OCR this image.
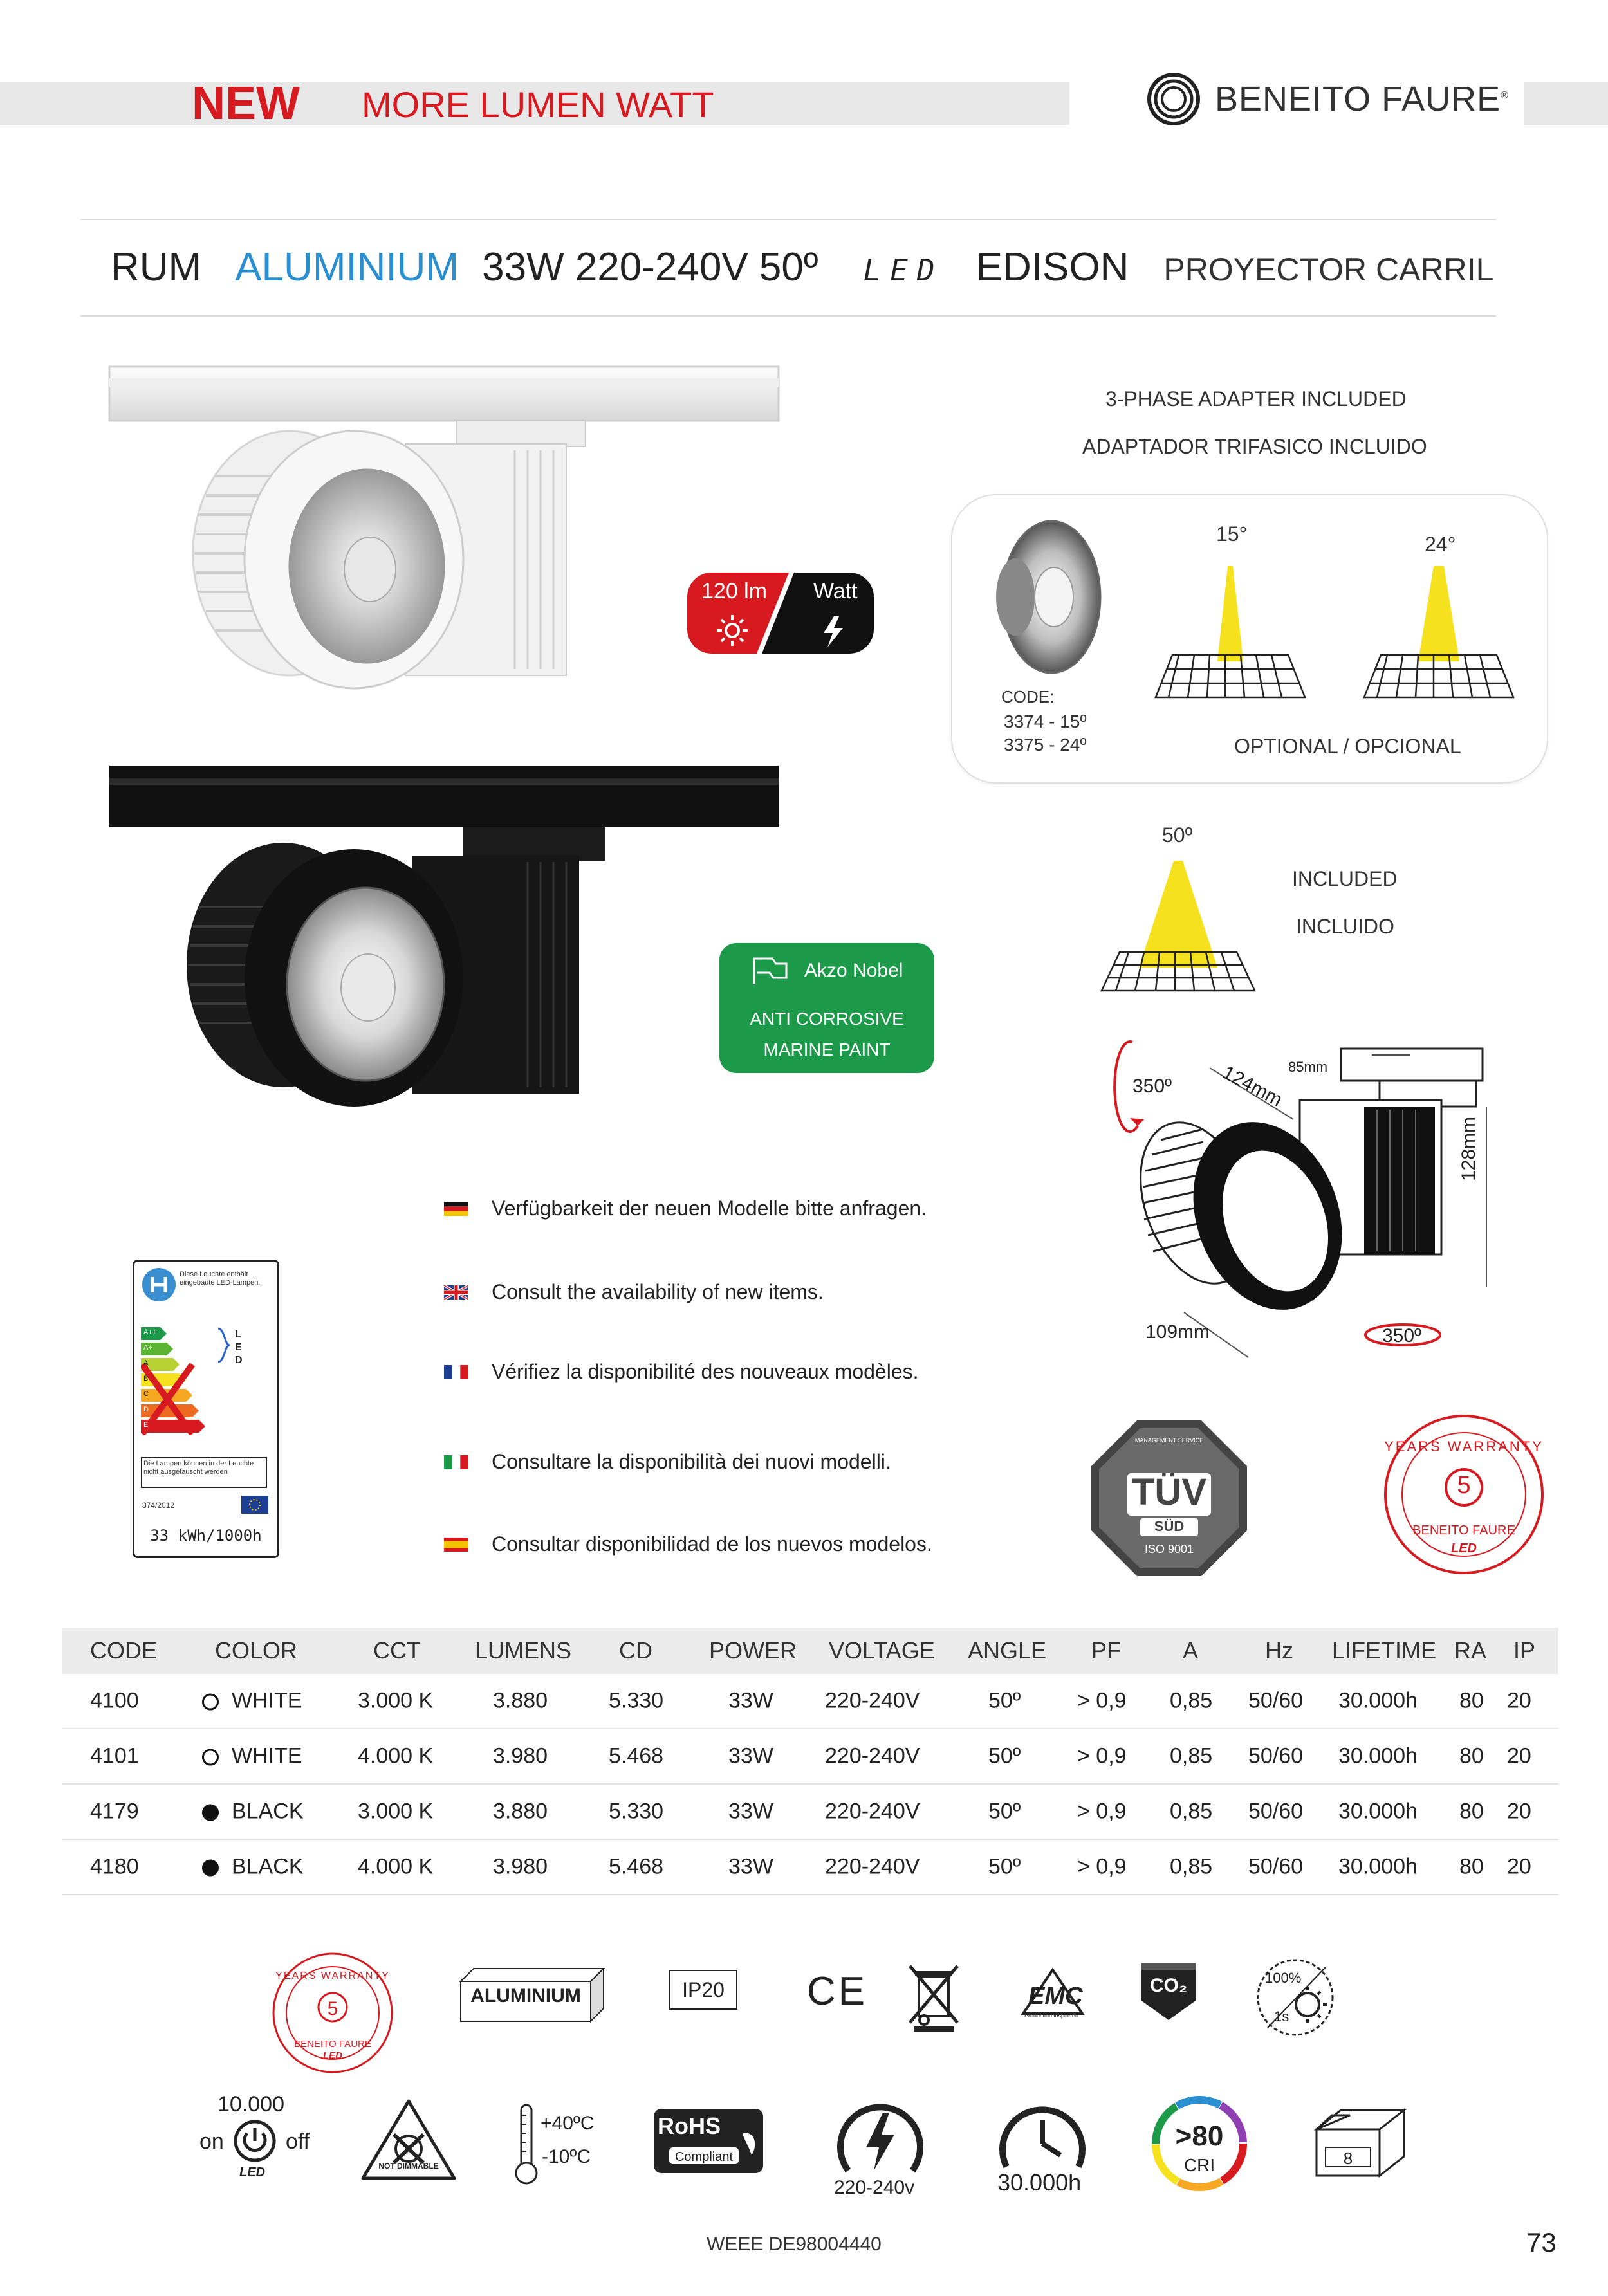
NEW MORE LUMEN WATT	BENEITO FAURE®
RUM ALUMINIUM 33W 220-240V 50º LED EDISON PROYECTOR CARRIL
120 lm Watt
3-PHASE ADAPTER INCLUDED
ADAPTADOR TRIFASICO INCLUIDO
CODE:
3374 - 15º
3375 - 24º
15°	24°
OPTIONAL / OPCIONAL
50º
INCLUDED
INCLUIDO
Akzo Nobel
ANTI CORROSIVE
MARINE PAINT
350º 124mm 85mm
128mm
109mm	350º
Verfügbarkeit der neuen Modelle bitte anfragen.
Consult the availability of new items.
Vérifiez la disponibilité des nouveaux modèles.
Consultare la disponibilità dei nuovi modelli.
Consultar disponibilidad de los nuevos modelos.
Diese Leuchte enthält eingebaute LED-Lampen.
A++
A+
A
B
C
D
E
L
E
D
Die Lampen können in der Leuchte nicht ausgetauscht werden
874/2012
33 kWh/1000h
MANAGEMENT SERVICE
TÜV
SÜD
ISO 9001
YEARS WARRANTY
5
BENEITO FAURE
LED
CODE COLOR	CCT LUMENS CD POWER VOLTAGE ANGLE PF	A	Hz LIFETIME RA IP
4100	WHITE	3.000 K	3.880	5.330	33W 220-240V	50º	> 0,9 0,85 50/60 30.000h 80 20
4101	WHITE	4.000 K	3.980	5.468	33W 220-240V	50º	> 0,9 0,85 50/60 30.000h 80 20
4179	BLACK 3.000 K	3.880	5.330	33W 220-240V	50º	> 0,9 0,85 50/60 30.000h 80 20
4180	BLACK 4.000 K	3.980	5.468	33W 220-240V	50º	> 0,9 0,85 50/60 30.000h 80 20
YEARS WARRANTY
5
BENEITO FAURE
LED
ALUMINIUM	IP20	CE	EMC
Production inspected
CO₂	100%
1s
10.000
on	off
LED	NOT DIMMABLE
+40ºC
-10ºC
RoHS
Compliant
220-240v	30.000h
>80
CRI	8
WEEE DE98004440	73
